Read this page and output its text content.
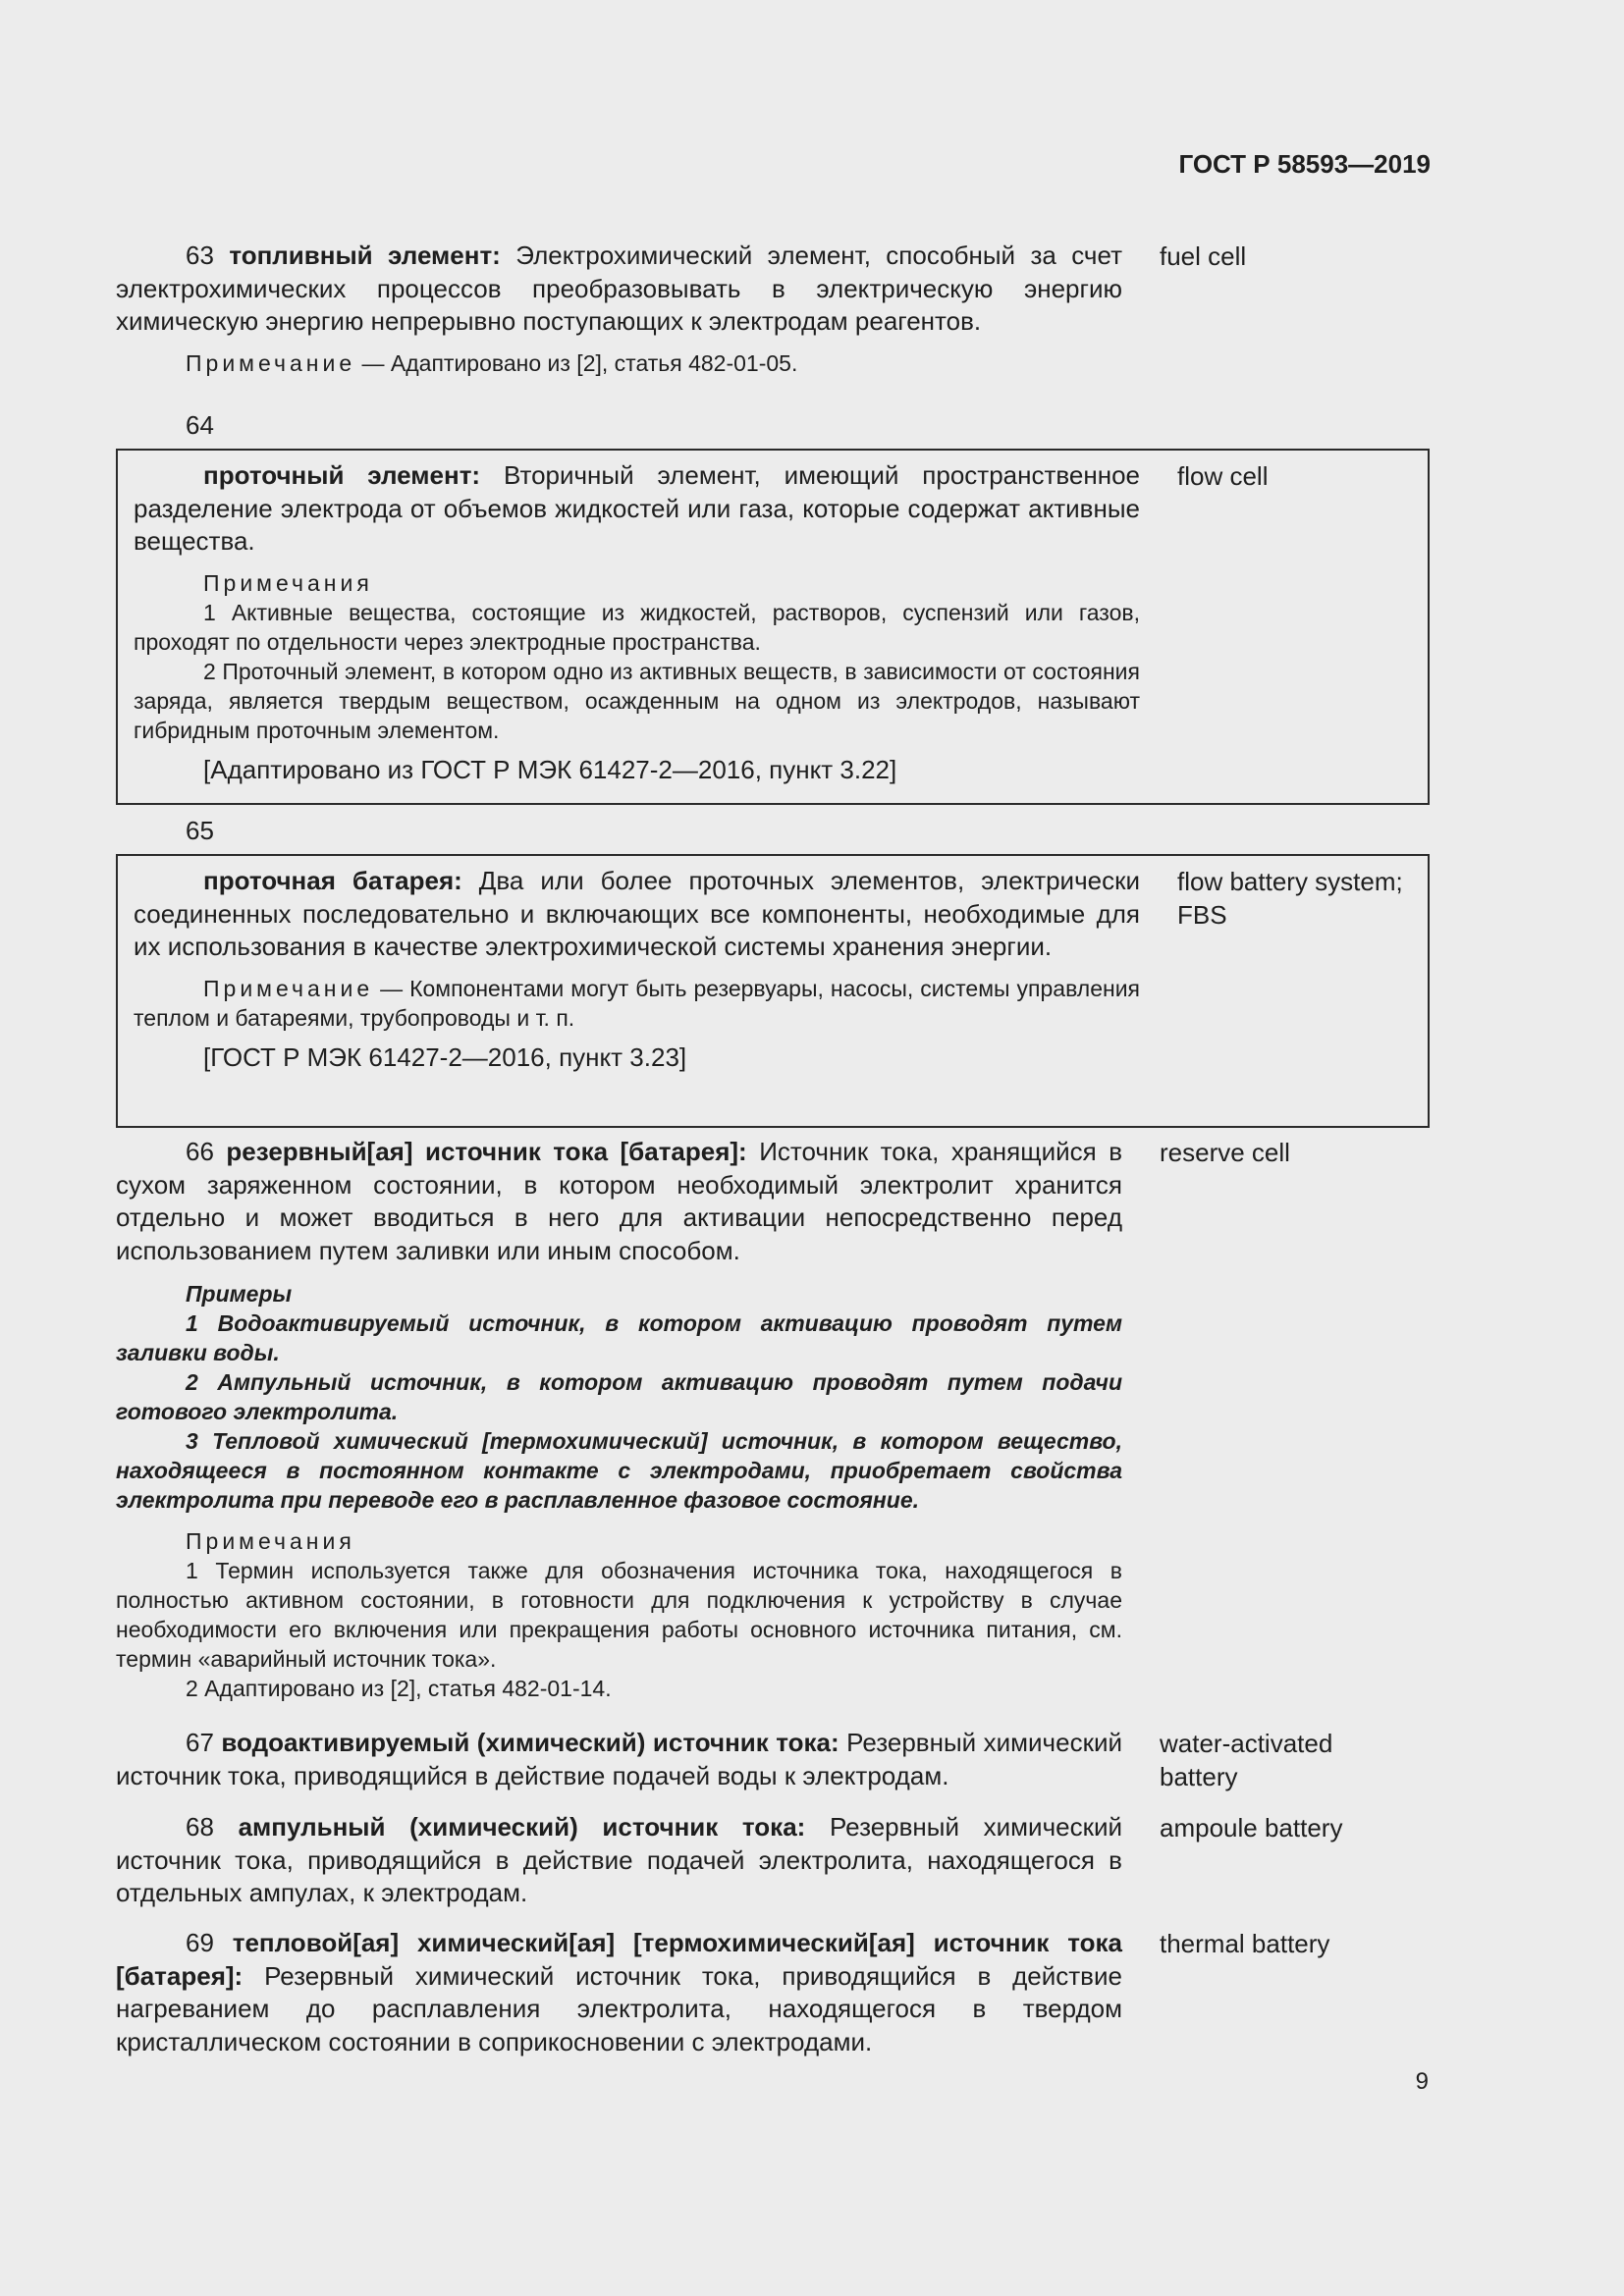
ГОСТ Р 58593—2019

63 топливный элемент: Электрохимический элемент, способный за счет электрохимических процессов преобразовывать в электрическую энергию химическую энергию непрерывно поступающих к электродам реагентов.

Примечание — Адаптировано из [2], статья 482-01-05.

fuel cell
64

проточный элемент: Вторичный элемент, имеющий пространственное разделение электрода от объемов жидкостей или газа, которые содержат активные вещества.

Примечания

1 Активные вещества, состоящие из жидкостей, растворов, суспензий или газов, проходят по отдельности через электродные пространства.

2 Проточный элемент, в котором одно из активных веществ, в зависимости от состояния заряда, является твердым веществом, осажденным на одном из электродов, называют гибридным проточным элементом.

[Адаптировано из ГОСТ Р МЭК 61427-2—2016, пункт 3.22]

flow cell
65

проточная батарея: Два или более проточных элементов, электрически соединенных последовательно и включающих все компоненты, необходимые для их использования в качестве электрохимической системы хранения энергии.

Примечание — Компонентами могут быть резервуары, насосы, системы управления теплом и батареями, трубопроводы и т. п.

[ГОСТ Р МЭК 61427-2—2016, пункт 3.23]

flow battery system; FBS

66 резервный[ая] источник тока [батарея]: Источник тока, хранящийся в сухом заряженном состоянии, в котором необходимый электролит хранится отдельно и может вводиться в него для активации непосредственно перед использованием путем заливки или иным способом.

Примеры

1 Водоактивируемый источник, в котором активацию проводят путем заливки воды.

2 Ампульный источник, в котором активацию проводят путем подачи готового электролита.

3 Тепловой химический [термохимический] источник, в котором вещество, находящееся в постоянном контакте с электродами, приобретает свойства электролита при переводе его в расплавленное фазовое состояние.

Примечания

1 Термин используется также для обозначения источника тока, находящегося в полностью активном состоянии, в готовности для подключения к устройству в случае необходимости его включения или прекращения работы основного источника питания, см. термин «аварийный источник тока».

2 Адаптировано из [2], статья 482-01-14.

reserve cell

67 водоактивируемый (химический) источник тока: Резервный химический источник тока, приводящийся в действие подачей воды к электродам.

water-activated battery

68 ампульный (химический) источник тока: Резервный химический источник тока, приводящийся в действие подачей электролита, находящегося в отдельных ампулах, к электродам.

ampoule battery

69 тепловой[ая] химический[ая] [термохимический[ая] источник тока [батарея]: Резервный химический источник тока, приводящийся в действие нагреванием до расплавления электролита, находящегося в твердом кристаллическом состоянии в соприкосновении с электродами.

thermal battery
9
